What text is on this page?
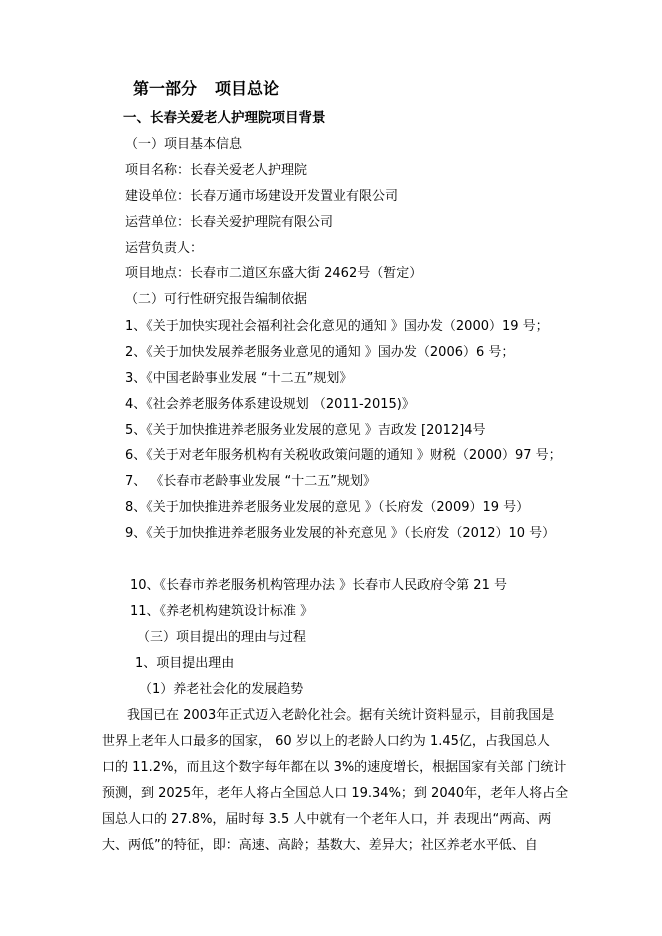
第一部分 项目总论
一、长春关爱老人护理院项目背景
（一）项目基本信息
项目名称：长春关爱老人护理院
建设单位：长春万通市场建设开发置业有限公司
运营单位：长春关爱护理院有限公司
运营负责人：
项目地点：长春市二道区东盛大街 2462号（暂定）
（二）可行性研究报告编制依据
1、《关于加快实现社会福利社会化意见的通知 》国办发（2000）19 号；
2、《关于加快发展养老服务业意见的通知 》国办发（2006）6 号；
3、《中国老龄事业发展 “十二五”规划》
4、《社会养老服务体系建设规划 （2011-2015)》
5、《关于加快推进养老服务业发展的意见 》吉政发 [2012]4号
6、《关于对老年服务机构有关税收政策问题的通知 》财税（2000）97 号；
7、 《长春市老龄事业发展 “十二五”规划》
8、《关于加快推进养老服务业发展的意见 》（长府发（2009）19 号）
9、《关于加快推进养老服务业发展的补充意见 》（长府发（2012）10 号）
10、《长春市养老服务机构管理办法 》长春市人民政府令第 21 号
11、《养老机构建筑设计标准 》
（三）项目提出的理由与过程
1、项目提出理由
（1）养老社会化的发展趋势
我国已在 2003年正式迈入老龄化社会。据有关统计资料显示，目前我国是
世界上老年人口最多的国家， 60 岁以上的老龄人口约为 1.45亿，占我国总人
口的 11.2%，而且这个数字每年都在以 3%的速度增长，根据国家有关部 门统计
预测，到 2025年，老年人将占全国总人口 19.34%；到 2040年，老年人将占全
国总人口的 27.8%，届时每 3.5 人中就有一个老年人口，并 表现出“两高、两
大、两低”的特征，即：高速、高龄；基数大、差异大；社区养老水平低、自
